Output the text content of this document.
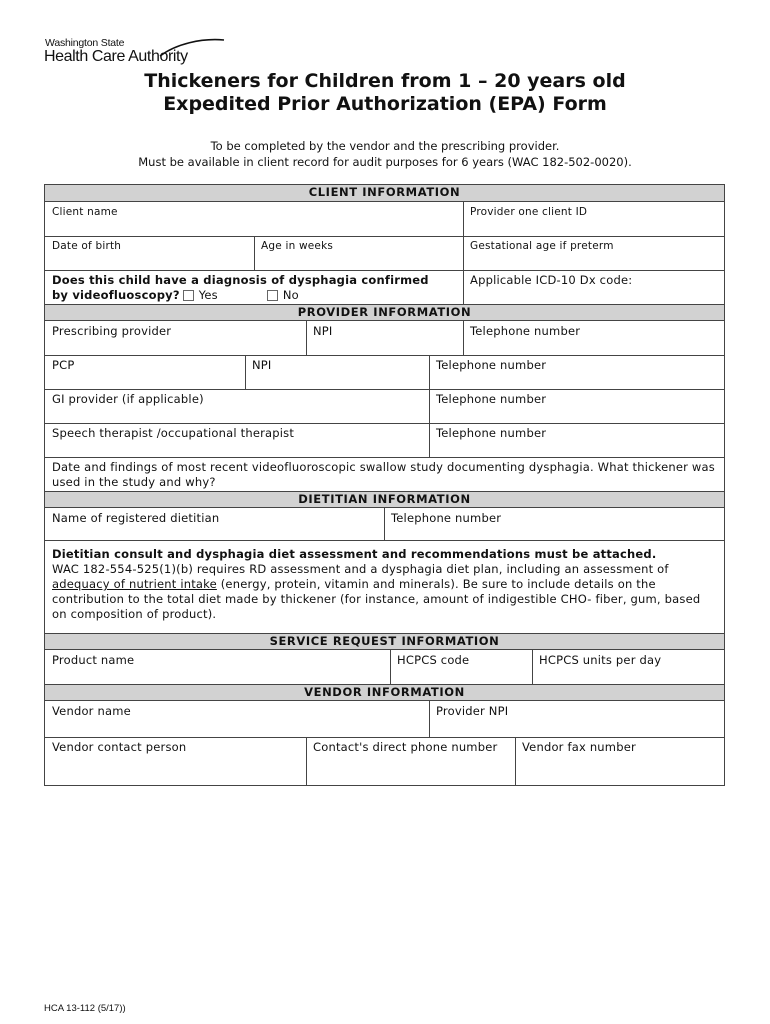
Washington State
Health Care Authority
Thickeners for Children from 1 – 20 years old
Expedited Prior Authorization (EPA) Form
To be completed by the vendor and the prescribing provider.
Must be available in client record for audit purposes for 6 years (WAC 182-502-0020).
CLIENT INFORMATION
Client name	Provider one client ID
Date of birth	Age in weeks	Gestational age if preterm
Does this child have a diagnosis of dysphagia confirmed
by videofluoscopy? Yes	No
Applicable ICD-10 Dx code:
PROVIDER INFORMATION
Prescribing provider	NPI	Telephone number
PCP	NPI	Telephone number
GI provider (if applicable)	Telephone number
Speech therapist /occupational therapist	Telephone number
Date and findings of most recent videofluoroscopic swallow study documenting dysphagia. What thickener was used in the study and why?
DIETITIAN INFORMATION
Name of registered dietitian	Telephone number
Dietitian consult and dysphagia diet assessment and recommendations must be attached.
WAC 182-554-525(1)(b) requires RD assessment and a dysphagia diet plan, including an assessment of adequacy of nutrient intake (energy, protein, vitamin and minerals). Be sure to include details on the contribution to the total diet made by thickener (for instance, amount of indigestible CHO- fiber, gum, based on composition of product).
SERVICE REQUEST INFORMATION
Product name	HCPCS code	HCPCS units per day
VENDOR INFORMATION
Vendor name	Provider NPI
Vendor contact person	Contact's direct phone number	Vendor fax number
HCA 13-112 (5/17))
